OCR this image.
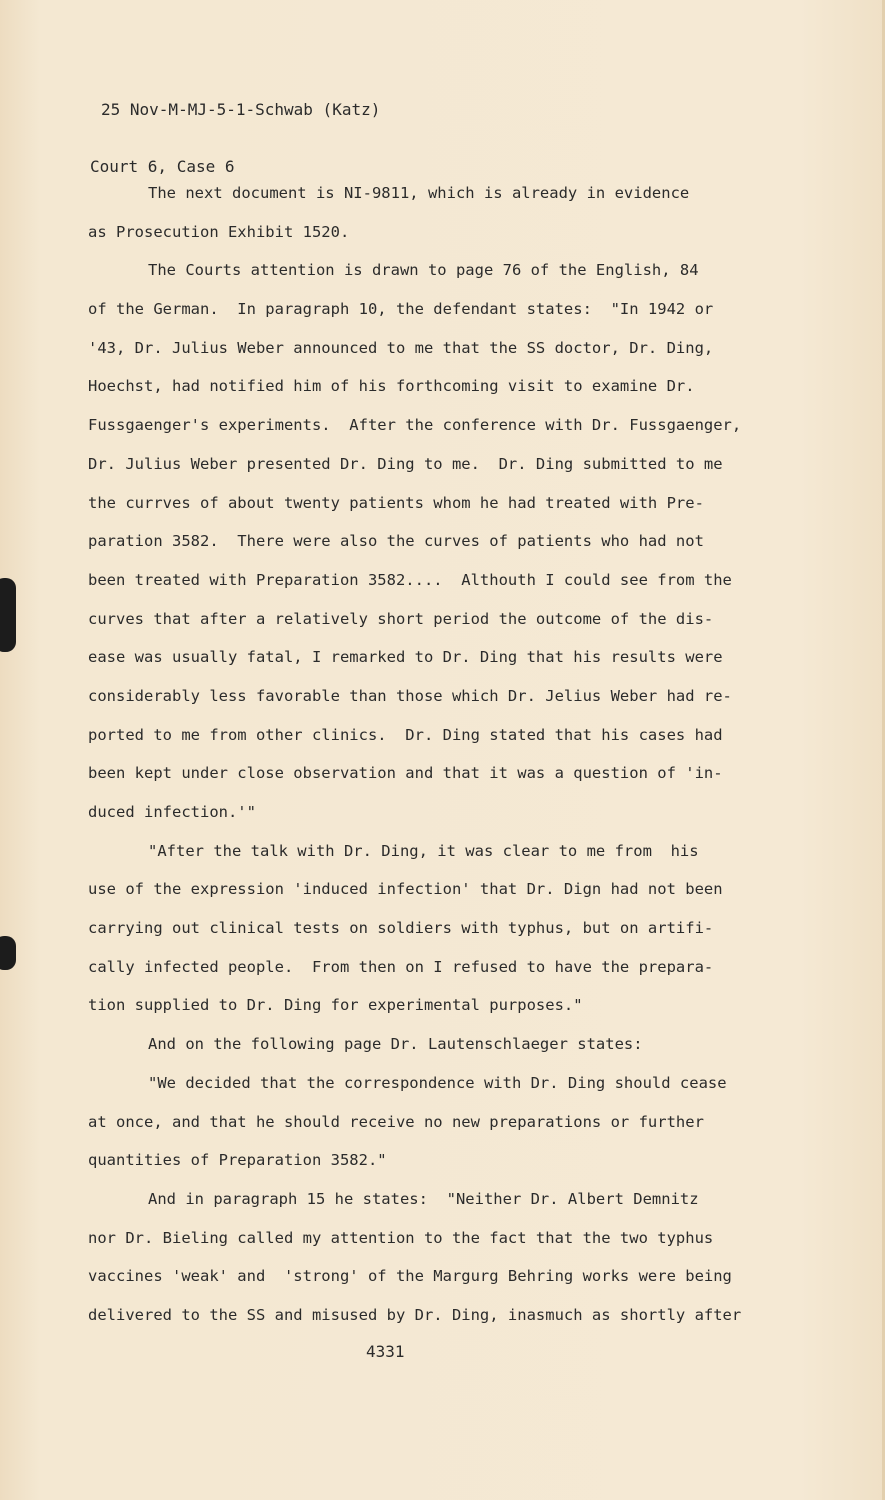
25 Nov-M-MJ-5-1-Schwab (Katz)

Court 6, Case 6

The next document is NI-9811, which is already in evidence
as Prosecution Exhibit 1520.
The Courts attention is drawn to page 76 of the English, 84
of the German.  In paragraph 10, the defendant states:  "In 1942 or
'43, Dr. Julius Weber announced to me that the SS doctor, Dr. Ding,
Hoechst, had notified him of his forthcoming visit to examine Dr.
Fussgaenger's experiments.  After the conference with Dr. Fussgaenger,
Dr. Julius Weber presented Dr. Ding to me.  Dr. Ding submitted to me
the currves of about twenty patients whom he had treated with Pre-
paration 3582.  There were also the curves of patients who had not
been treated with Preparation 3582....  Althouth I could see from the
curves that after a relatively short period the outcome of the dis-
ease was usually fatal, I remarked to Dr. Ding that his results were
considerably less favorable than those which Dr. Jelius Weber had re-
ported to me from other clinics.  Dr. Ding stated that his cases had
been kept under close observation and that it was a question of 'in-
duced infection.'"
"After the talk with Dr. Ding, it was clear to me from  his
use of the expression 'induced infection' that Dr. Dign had not been
carrying out clinical tests on soldiers with typhus, but on artifi-
cally infected people.  From then on I refused to have the prepara-
tion supplied to Dr. Ding for experimental purposes."
And on the following page Dr. Lautenschlaeger states:
"We decided that the correspondence with Dr. Ding should cease
at once, and that he should receive no new preparations or further
quantities of Preparation 3582."
And in paragraph 15 he states:  "Neither Dr. Albert Demnitz
nor Dr. Bieling called my attention to the fact that the two typhus
vaccines 'weak' and  'strong' of the Margurg Behring works were being
delivered to the SS and misused by Dr. Ding, inasmuch as shortly after
4331
